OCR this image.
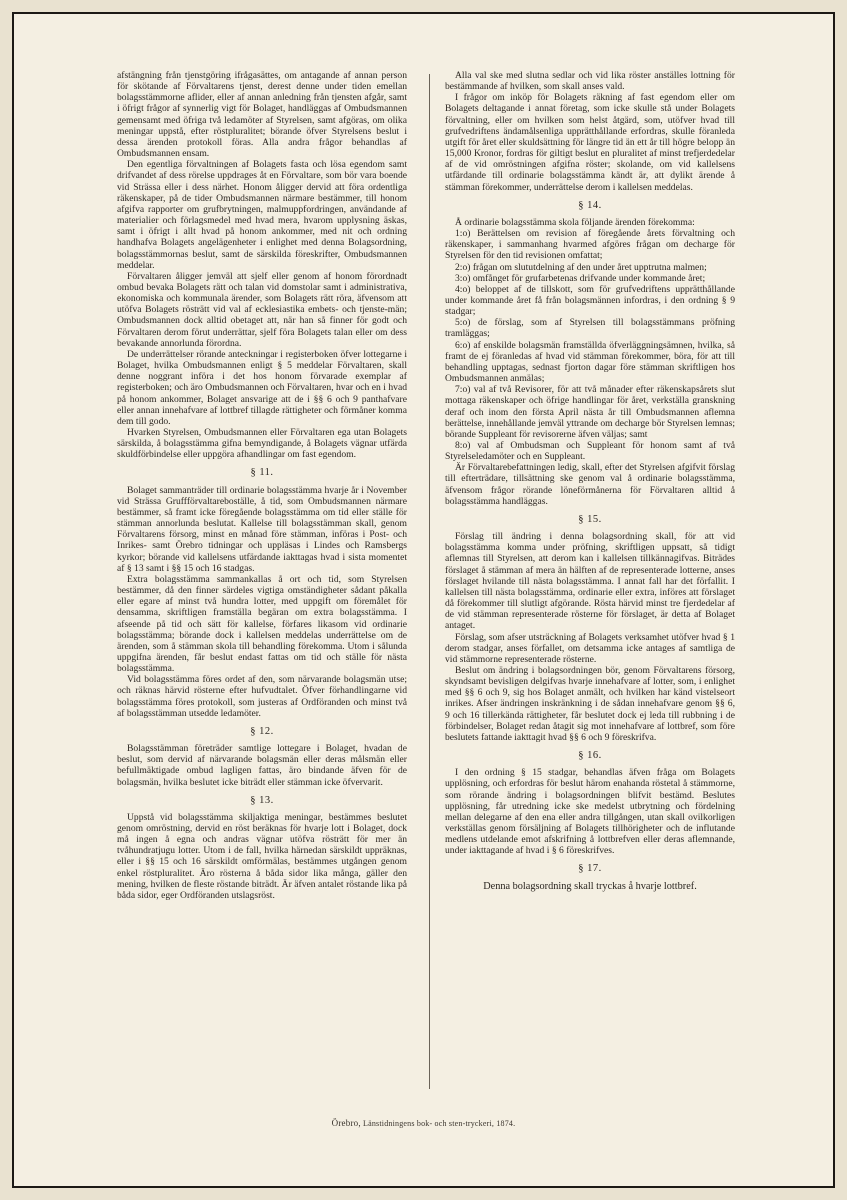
afstängning från tjenstgöring ifrågasättes, om antagande af annan person för skötande af Förvaltarens tjenst, derest denne under tiden emellan bolagsstämmorne aflider, eller af annan anledning från tjensten afgår, samt i öfrigt frågor af synnerlig vigt för Bolaget, handläggas af Ombudsmannen gemensamt med öfriga två ledamöter af Styrelsen, samt afgöras, om olika meningar uppstå, efter röstpluralitet; börande öfver Styrelsens beslut i dessa ärenden protokoll föras. Alla andra frågor behandlas af Ombudsmannen ensam.

Den egentliga förvaltningen af Bolagets fasta och lösa egendom samt drifvandet af dess rörelse uppdrages åt en Förvaltare, som bör vara boende vid Strässa eller i dess närhet. Honom åligger dervid att föra ordentliga räkenskaper, på de tider Ombudsmannen närmare bestämmer, till honom afgifva rapporter om grufbrytningen, malmuppfordringen, användande af materialier och förlagsmedel med hvad mera, hvarom upplysning äskas, samt i öfrigt i allt hvad på honom ankommer, med nit och ordning handhafva Bolagets angelägenheter i enlighet med denna Bolagsordning, bolagsstämmornas beslut, samt de särskilda föreskrifter, Ombudsmannen meddelar.

Förvaltaren åligger jemväl att sjelf eller genom af honom förordnadt ombud bevaka Bolagets rätt och talan vid domstolar samt i administrativa, ekonomiska och kommunala ärender, som Bolagets rätt röra, äfvensom att utöfva Bolagets rösträtt vid val af ecklesiastika embets- och tjenste-män; Ombudsmannen dock alltid obetaget att, när han så finner för godt och Förvaltaren derom förut underrättar, sjelf föra Bolagets talan eller om dess bevakande annorlunda förordna.

De underrättelser rörande anteckningar i registerboken öfver lottegarne i Bolaget, hvilka Ombudsmannen enligt § 5 meddelar Förvaltaren, skall denne noggrant införa i det hos honom förvarade exemplar af registerboken; och äro Ombudsmannen och Förvaltaren, hvar och en i hvad på honom ankommer, Bolaget ansvarige att de i §§ 6 och 9 panthafvare eller annan innehafvare af lottbref tillagde rättigheter och förmåner komma dem till godo.

Hvarken Styrelsen, Ombudsmannen eller Förvaltaren ega utan Bolagets särskilda, å bolagsstämma gifna bemyndigande, å Bolagets vägnar utfärda skuldförbindelse eller uppgöra afhandlingar om fast egendom.

§ 11.

Bolaget sammanträder till ordinarie bolagsstämma hvarje år i November vid Strässa Gruffförvaltareboställe, å tid, som Ombudsmannen närmare bestämmer, så framt icke föregående bolagsstämma om tid eller ställe för stämman annorlunda beslutat. Kallelse till bolagsstämman skall, genom Förvaltarens försorg, minst en månad före stämman, införas i Post- och Inrikes- samt Örebro tidningar och uppläsas i Lindes och Ramsbergs kyrkor; börande vid kallelsens utfärdande iakttagas hvad i sista momentet af § 13 samt i §§ 15 och 16 stadgas.

Extra bolagsstämma sammankallas å ort och tid, som Styrelsen bestämmer, då den finner särdeles vigtiga omständigheter sådant påkalla eller egare af minst två hundra lotter, med uppgift om föremålet för densamma, skriftligen framställa begäran om extra bolagsstämma. I afseende på tid och sätt för kallelse, förfares likasom vid ordinarie bolagsstämma; börande dock i kallelsen meddelas underrättelse om de ärenden, som å stämman skola till behandling förekomma. Utom i sålunda uppgifna ärenden, får beslut endast fattas om tid och ställe för nästa bolagsstämma.

Vid bolagsstämma föres ordet af den, som närvarande bolagsmän utse; och räknas härvid rösterne efter hufvudtalet. Öfver förhandlingarne vid bolagsstämma föres protokoll, som justeras af Ordföranden och minst två af bolagsstämman utsedde ledamöter.

§ 12.

Bolagsstämman företräder samtlige lottegare i Bolaget, hvadan de beslut, som dervid af närvarande bolagsmän eller deras målsmän eller befullmäktigade ombud lagligen fattas, äro bindande äfven för de bolagsmän, hvilka beslutet icke biträdt eller stämman icke öfvervarit.

§ 13.

Uppstå vid bolagsstämma skiljaktiga meningar, bestämmes beslutet genom omröstning, dervid en röst beräknas för hvarje lott i Bolaget, dock må ingen å egna och andras vägnar utöfva rösträtt för mer än tvåhundratjugu lotter. Utom i de fall, hvilka härnedan särskildt uppräknas, eller i §§ 15 och 16 särskildt omförmälas, bestämmes utgången genom enkel röstpluralitet. Äro rösterna å båda sidor lika många, gäller den mening, hvilken de fleste röstande biträdt. Är äfven antalet röstande lika på båda sidor, eger Ordföranden utslagsröst.

Alla val ske med slutna sedlar och vid lika röster anställes lottning för bestämmande af hvilken, som skall anses vald.

I frågor om inköp för Bolagets räkning af fast egendom eller om Bolagets deltagande i annat företag, som icke skulle stå under Bolagets förvaltning, eller om hvilken som helst åtgärd, som, utöfver hvad till grufvedriftens ändamålsenliga upprätthållande erfordras, skulle föranleda utgift för året eller skuldsättning för längre tid än ett år till högre belopp än 15,000 Kronor, fordras för giltigt beslut en pluralitet af minst trefjerdedelar af de vid omröstningen afgifna röster; skolande, om vid kallelsens utfärdande till ordinarie bolagsstämma kändt är, att dylikt ärende å stämman förekommer, underrättelse derom i kallelsen meddelas.

§ 14.

Å ordinarie bolagsstämma skola följande ärenden förekomma:

1:o) Berättelsen om revision af föregående årets förvaltning och räkenskaper, i sammanhang hvarmed afgöres frågan om decharge för Styrelsen för den tid revisionen omfattat;

2:o) frågan om slututdelning af den under året upptrutna malmen;

3:o) omfånget för grufarbetenas drifvande under kommande året;

4:o) beloppet af de tillskott, som för grufvedriftens upprätthållande under kommande året få från bolagsmännen infordras, i den ordning § 9 stadgar;

5:o) de förslag, som af Styrelsen till bolagsstämmans pröfning tramläggas;

6:o) af enskilde bolagsmän framställda öfverläggningsämnen, hvilka, så framt de ej föranledas af hvad vid stämman förekommer, böra, för att till behandling upptagas, sednast fjorton dagar före stämman skriftligen hos Ombudsmannen anmälas;

7:o) val af två Revisorer, för att två månader efter räkenskapsårets slut mottaga räkenskaper och öfrige handlingar för året, verkställa granskning deraf och inom den första April nästa år till Ombudsmannen aflemna berättelse, innehållande jemväl yttrande om decharge bör Styrelsen lemnas; börande Suppleant för revisorerne äfven väljas; samt

8:o) val af Ombudsman och Suppleant för honom samt af två Styrelseledamöter och en Suppleant.

Är Förvaltarebefattningen ledig, skall, efter det Styrelsen afgifvit förslag till efterträdare, tillsättning ske genom val å ordinarie bolagsstämma, äfvensom frågor rörande löneförmånerna för Förvaltaren alltid å bolagsstämma handläggas.

§ 15.

Förslag till ändring i denna bolagsordning skall, för att vid bolagsstämma komma under pröfning, skriftligen uppsatt, så tidigt aflemnas till Styrelsen, att derom kan i kallelsen tillkännagifvas. Biträdes förslaget å stämman af mera än hälften af de representerade lotterne, anses förslaget hvilande till nästa bolagsstämma. I annat fall har det förfallit. I kallelsen till nästa bolagsstämma, ordinarie eller extra, införes att förslaget då förekommer till slutligt afgörande. Rösta härvid minst tre fjerdedelar af de vid stämman representerade rösterne för förslaget, är detta af Bolaget antaget.

Förslag, som afser utsträckning af Bolagets verksamhet utöfver hvad § 1 derom stadgar, anses förfallet, om detsamma icke antages af samtliga de vid stämmorne representerade rösterne.

Beslut om ändring i bolagsordningen bör, genom Förvaltarens försorg, skyndsamt bevisligen delgifvas hvarje innehafvare af lotter, som, i enlighet med §§ 6 och 9, sig hos Bolaget anmält, och hvilken har känd vistelseort inrikes. Afser ändringen inskränkning i de sådan innehafvare genom §§ 6, 9 och 16 tillerkända rättigheter, får beslutet dock ej leda till rubbning i de förbindelser, Bolaget redan åtagit sig mot innehafvare af lottbref, som före beslutets fattande iakttagit hvad §§ 6 och 9 föreskrifva.

§ 16.

I den ordning § 15 stadgar, behandlas äfven fråga om Bolagets upplösning, och erfordras för beslut härom enahanda röstetal å stämmorne, som rörande ändring i bolagsordningen blifvit bestämd. Beslutes upplösning, får utredning icke ske medelst utbrytning och fördelning mellan delegarne af den ena eller andra tillgången, utan skall ovilkorligen verkställas genom försäljning af Bolagets tillhörigheter och de influtande medlens utdelande emot afskrifning å lottbrefven eller deras aflemnande, under iakttagande af hvad i § 6 föreskrifves.

§ 17.

Denna bolagsordning skall tryckas å hvarje lottbref.

Örebro, Länstidningens bok- och sten-tryckeri, 1874.
